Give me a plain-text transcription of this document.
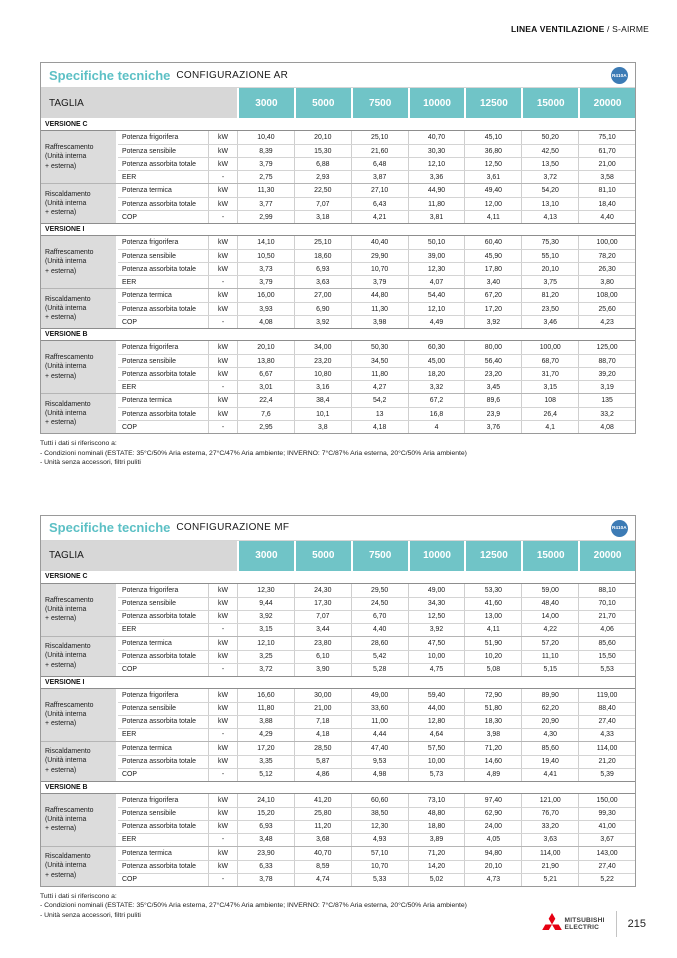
LINEA VENTILAZIONE / S-AIRME
Specifiche tecniche CONFIGURAZIONE AR	R410A
TAGLIA	3000	5000	7500	10000	12500	15000	20000
VERSIONE C
Raffrescamento
(Unità interna
+ esterna)
Potenza frigorifera	kW	10,40	20,10	25,10	40,70	45,10	50,20	75,10
Potenza sensibile	kW	8,39	15,30	21,60	30,30	36,80	42,50	61,70
Potenza assorbita totale	kW	3,79	6,88	6,48	12,10	12,50	13,50	21,00
EER	-	2,75	2,93	3,87	3,36	3,61	3,72	3,58
Riscaldamento
(Unità interna
+ esterna)
Potenza termica	kW	11,30	22,50	27,10	44,90	49,40	54,20	81,10
Potenza assorbita totale	kW	3,77	7,07	6,43	11,80	12,00	13,10	18,40
COP	-	2,99	3,18	4,21	3,81	4,11	4,13	4,40
VERSIONE I
Raffrescamento
(Unità interna
+ esterna)
Potenza frigorifera	kW	14,10	25,10	40,40	50,10	60,40	75,30	100,00
Potenza sensibile	kW	10,50	18,60	29,90	39,00	45,90	55,10	78,20
Potenza assorbita totale	kW	3,73	6,93	10,70	12,30	17,80	20,10	26,30
EER	-	3,79	3,63	3,79	4,07	3,40	3,75	3,80
Riscaldamento
(Unità interna
+ esterna)
Potenza termica	kW	16,00	27,00	44,80	54,40	67,20	81,20	108,00
Potenza assorbita totale	kW	3,93	6,90	11,30	12,10	17,20	23,50	25,60
COP	-	4,08	3,92	3,98	4,49	3,92	3,46	4,23
VERSIONE B
Raffrescamento
(Unità interna
+ esterna)
Potenza frigorifera	kW	20,10	34,00	50,30	60,30	80,00	100,00	125,00
Potenza sensibile	kW	13,80	23,20	34,50	45,00	56,40	68,70	88,70
Potenza assorbita totale	kW	6,67	10,80	11,80	18,20	23,20	31,70	39,20
EER	-	3,01	3,16	4,27	3,32	3,45	3,15	3,19
Riscaldamento
(Unità interna
+ esterna)
Potenza termica	kW	22,4	38,4	54,2	67,2	89,6	108	135
Potenza assorbita totale	kW	7,6	10,1	13	16,8	23,9	26,4	33,2
COP	-	2,95	3,8	4,18	4	3,76	4,1	4,08
Tutti i dati si riferiscono a:
- Condizioni nominali (ESTATE: 35°C/50% Aria esterna, 27°C/47% Aria ambiente; INVERNO: 7°C/87% Aria esterna, 20°C/50% Aria ambiente)
- Unità senza accessori, filtri puliti
Specifiche tecniche CONFIGURAZIONE MF	R410A
TAGLIA	3000	5000	7500	10000	12500	15000	20000
VERSIONE C
Raffrescamento
(Unità interna
+ esterna)
Potenza frigorifera	kW	12,30	24,30	29,50	49,00	53,30	59,00	88,10
Potenza sensibile	kW	9,44	17,30	24,50	34,30	41,60	48,40	70,10
Potenza assorbita totale	kW	3,92	7,07	6,70	12,50	13,00	14,00	21,70
EER	-	3,15	3,44	4,40	3,92	4,11	4,22	4,06
Riscaldamento
(Unità interna
+ esterna)
Potenza termica	kW	12,10	23,80	28,60	47,50	51,90	57,20	85,60
Potenza assorbita totale	kW	3,25	6,10	5,42	10,00	10,20	11,10	15,50
COP	-	3,72	3,90	5,28	4,75	5,08	5,15	5,53
VERSIONE I
Raffrescamento
(Unità interna
+ esterna)
Potenza frigorifera	kW	16,60	30,00	49,00	59,40	72,90	89,90	119,00
Potenza sensibile	kW	11,80	21,00	33,60	44,00	51,80	62,20	88,40
Potenza assorbita totale	kW	3,88	7,18	11,00	12,80	18,30	20,90	27,40
EER	-	4,29	4,18	4,44	4,64	3,98	4,30	4,33
Riscaldamento
(Unità interna
+ esterna)
Potenza termica	kW	17,20	28,50	47,40	57,50	71,20	85,60	114,00
Potenza assorbita totale	kW	3,35	5,87	9,53	10,00	14,60	19,40	21,20
COP	-	5,12	4,86	4,98	5,73	4,89	4,41	5,39
VERSIONE B
Raffrescamento
(Unità interna
+ esterna)
Potenza frigorifera	kW	24,10	41,20	60,60	73,10	97,40	121,00	150,00
Potenza sensibile	kW	15,20	25,80	38,50	48,80	62,90	76,70	99,30
Potenza assorbita totale	kW	6,93	11,20	12,30	18,80	24,00	33,20	41,00
EER	-	3,48	3,68	4,93	3,89	4,05	3,63	3,67
Riscaldamento
(Unità interna
+ esterna)
Potenza termica	kW	23,90	40,70	57,10	71,20	94,80	114,00	143,00
Potenza assorbita totale	kW	6,33	8,59	10,70	14,20	20,10	21,90	27,40
COP	-	3,78	4,74	5,33	5,02	4,73	5,21	5,22
Tutti i dati si riferiscono a:
- Condizioni nominali (ESTATE: 35°C/50% Aria esterna, 27°C/47% Aria ambiente; INVERNO: 7°C/87% Aria esterna, 20°C/50% Aria ambiente)
- Unità senza accessori, filtri puliti
MITSUBISHI
ELECTRIC	215
